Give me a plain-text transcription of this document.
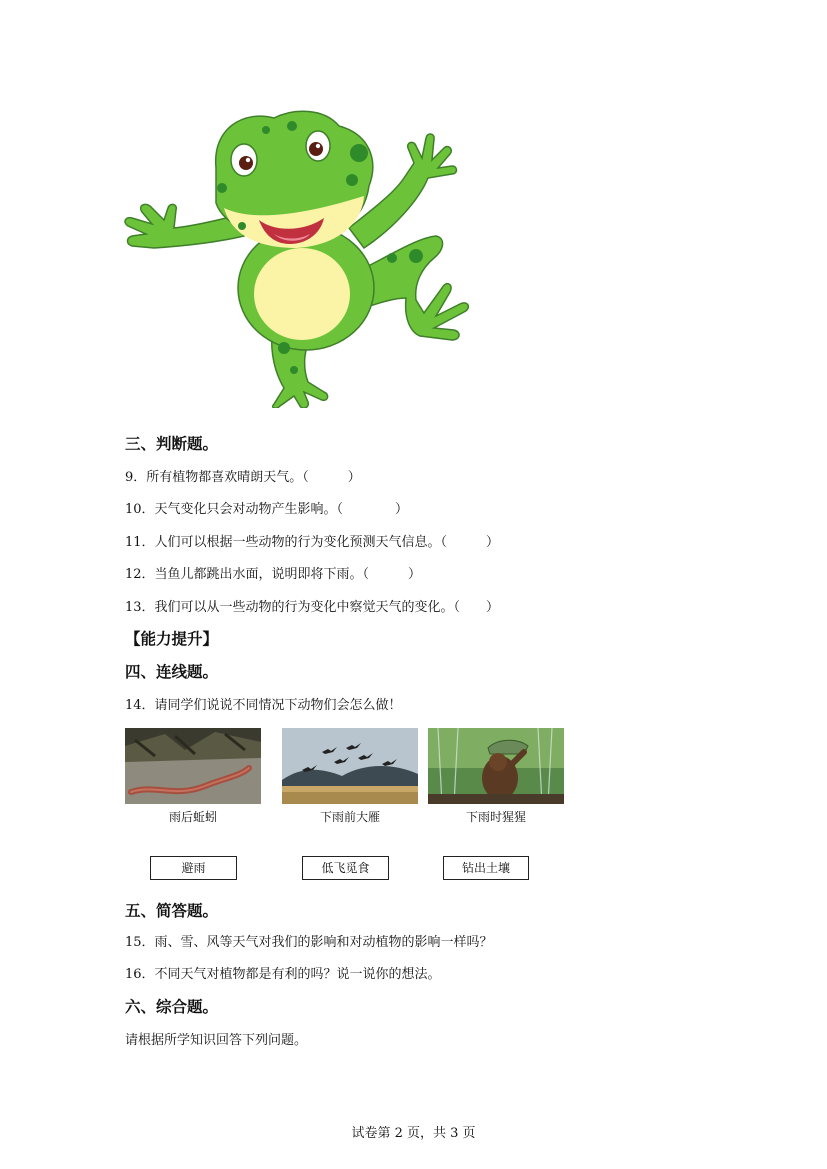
三、判断题。
9．所有植物都喜欢晴朗天气。（　　　）
10．天气变化只会对动物产生影响。（　　　　）
11．人们可以根据一些动物的行为变化预测天气信息。（　　　）
12．当鱼儿都跳出水面，说明即将下雨。（　　　）
13．我们可以从一些动物的行为变化中察觉天气的变化。（　　）
【能力提升】
四、连线题。
14．请同学们说说不同情况下动物们会怎么做！
雨后蚯蚓	下雨前大雁	下雨时猩猩
避雨	低飞觅食	钻出土壤
五、简答题。
15．雨、雪、风等天气对我们的影响和对动植物的影响一样吗？
16．不同天气对植物都是有利的吗？说一说你的想法。
六、综合题。
请根据所学知识回答下列问题。
试卷第 2 页，共 3 页
